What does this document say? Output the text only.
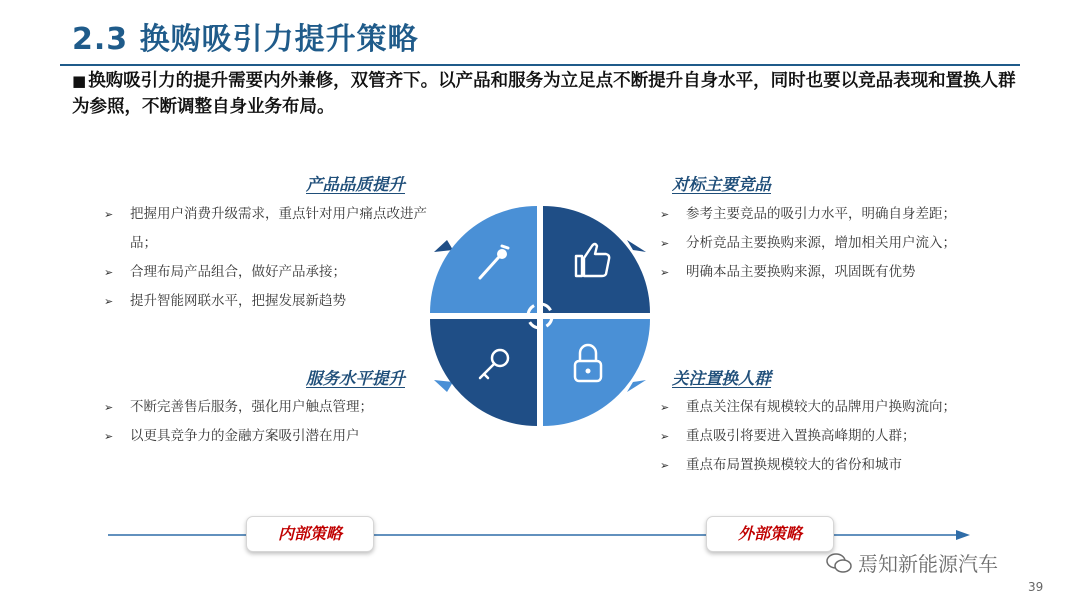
2.3 换购吸引力提升策略

■ 换购吸引力的提升需要内外兼修，双管齐下。以产品和服务为立足点不断提升自身水平，同时也要以竞品表现和置换人群为参照，不断调整自身业务布局。

产品品质提升
➢ 把握用户消费升级需求，重点针对用户痛点改进产品；
➢ 合理布局产品组合，做好产品承接；
➢ 提升智能网联水平，把握发展新趋势
对标主要竞品
➢ 参考主要竞品的吸引力水平，明确自身差距；
➢ 分析竞品主要换购来源，增加相关用户流入；
➢ 明确本品主要换购来源，巩固既有优势
服务水平提升
➢ 不断完善售后服务，强化用户触点管理；
➢ 以更具竞争力的金融方案吸引潜在用户
关注置换人群
➢ 重点关注保有规模较大的品牌用户换购流向；
➢ 重点吸引将要进入置换高峰期的人群；
➢ 重点布局置换规模较大的省份和城市
内部策略	外部策略
焉知新能源汽车
39
